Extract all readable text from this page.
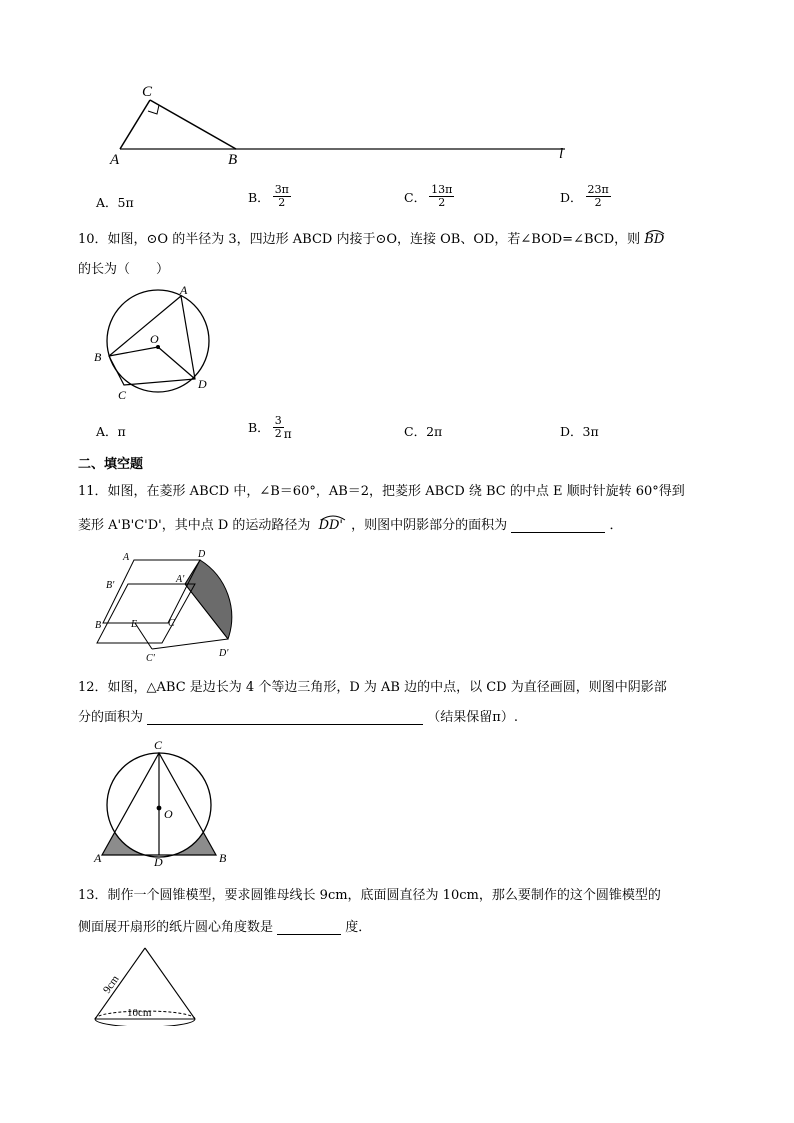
C
A	B	l
A． 5π	B． $\frac{3\pi}{2}$	C． $\frac{13\pi}{2}$	D． $\frac{23\pi}{2}$
10．如图，⊙O 的半径为 3，四边形 ABCD 内接于⊙O，连接 OB、OD，若∠BOD=∠BCD，则 BD
的长为（　　）
A
B
C
D
O
A． π	B． $\frac{3}{2}$ π	C． 2π	D． 3π
二、填空题
11．如图，在菱形 ABCD 中，∠B＝60°，AB＝2，把菱形 ABCD 绕 BC 的中点 E 顺时针旋转 60°得到
菱形 A'B'C'D'，其中点 D 的运动路径为 DD' ，则图中阴影部分的面积为	．
A	D
B'
A'
B	E	C
C'	D'
12．如图，△ABC 是边长为 4 个等边三角形，D 为 AB 边的中点，以 CD 为直径画圆，则图中阴影部
分的面积为	（结果保留π）.
C
O
A	D	B
13．制作一个圆锥模型，要求圆锥母线长 9cm，底面圆直径为 10cm，那么要制作的这个圆锥模型的
侧面展开扇形的纸片圆心角度数是	度．
9cm
10cm
